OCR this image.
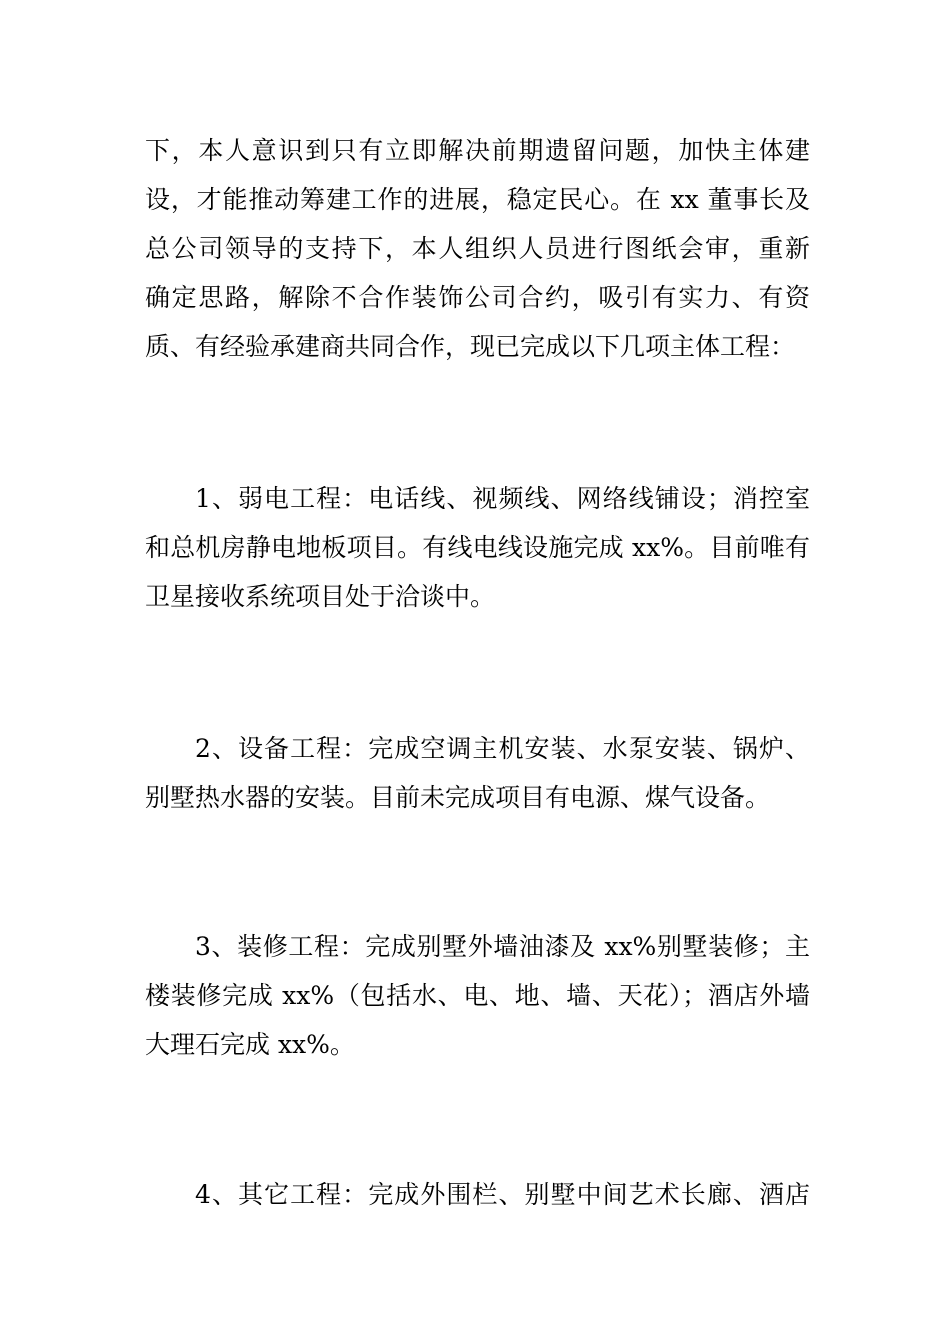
下，本人意识到只有立即解决前期遗留问题，加快主体建
设，才能推动筹建工作的进展，稳定民心。在 xx 董事长及
总公司领导的支持下，本人组织人员进行图纸会审，重新
确定思路，解除不合作装饰公司合约，吸引有实力、有资
质、有经验承建商共同合作，现已完成以下几项主体工程：
1、弱电工程：电话线、视频线、网络线铺设；消控室
和总机房静电地板项目。有线电线设施完成 xx%。目前唯有
卫星接收系统项目处于洽谈中。
2、设备工程：完成空调主机安装、水泵安装、锅炉、
别墅热水器的安装。目前未完成项目有电源、煤气设备。
3、装修工程：完成别墅外墙油漆及 xx%别墅装修；主
楼装修完成 xx%（包括水、电、地、墙、天花）；酒店外墙
大理石完成 xx%。
4、其它工程：完成外围栏、别墅中间艺术长廊、酒店
